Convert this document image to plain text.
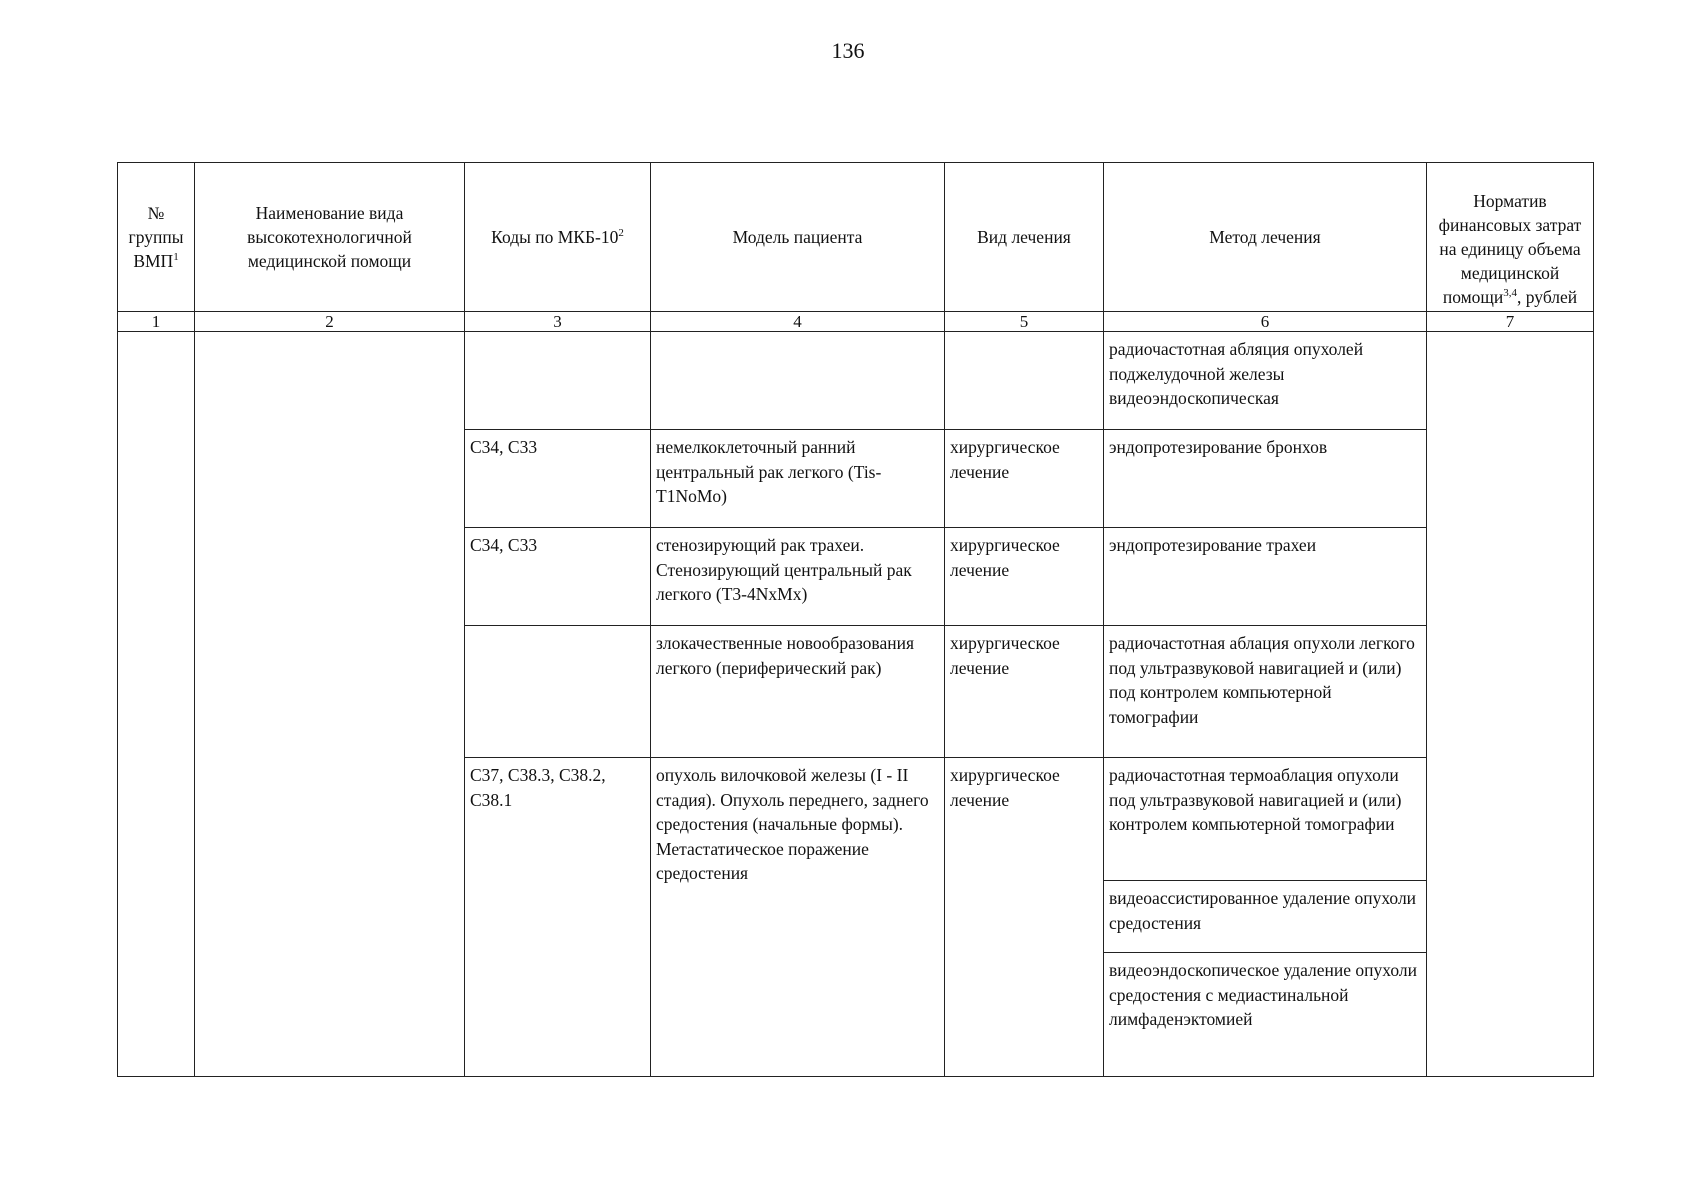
136
№ группы ВМП$^1$	Наименование вида высокотехнологичной медицинской помощи	Коды по МКБ-$10^2$	Модель пациента	Вид лечения	Метод лечения	Норматив финансовых затрат на единицу объема медицинской помощи$^{3,4}$, рублей
1	2	3	4	5	6	7

					радиочастотная абляция опухолей поджелудочной железы видеоэндоскопическая	

		С34, С33	немелкоклеточный ранний центральный рак легкого (Tis-T1NoMo)	хирургическое лечение	эндопротезирование бронхов	

		С34, С33	стенозирующий рак трахеи. Стенозирующий центральный рак легкого (Т3-4NxMx)	хирургическое лечение	эндопротезирование трахеи	

			злокачественные новообразования легкого (периферический рак)	хирургическое лечение	радиочастотная аблация опухоли легкого под ультразвуковой навигацией и (или) под контролем компьютерной томографии	

		С37, С38.3, С38.2, С38.1	опухоль вилочковой железы (I - II стадия). Опухоль переднего, заднего средостения (начальные формы). Метастатическое поражение средостения	хирургическое лечение	радиочастотная термоаблация опухоли под ультразвуковой навигацией и (или) контролем компьютерной томографии	

					видеоассистированное удаление опухоли средостения	

					видеоэндоскопическое удаление опухоли средостения с медиастинальной лимфаденэктомией	
